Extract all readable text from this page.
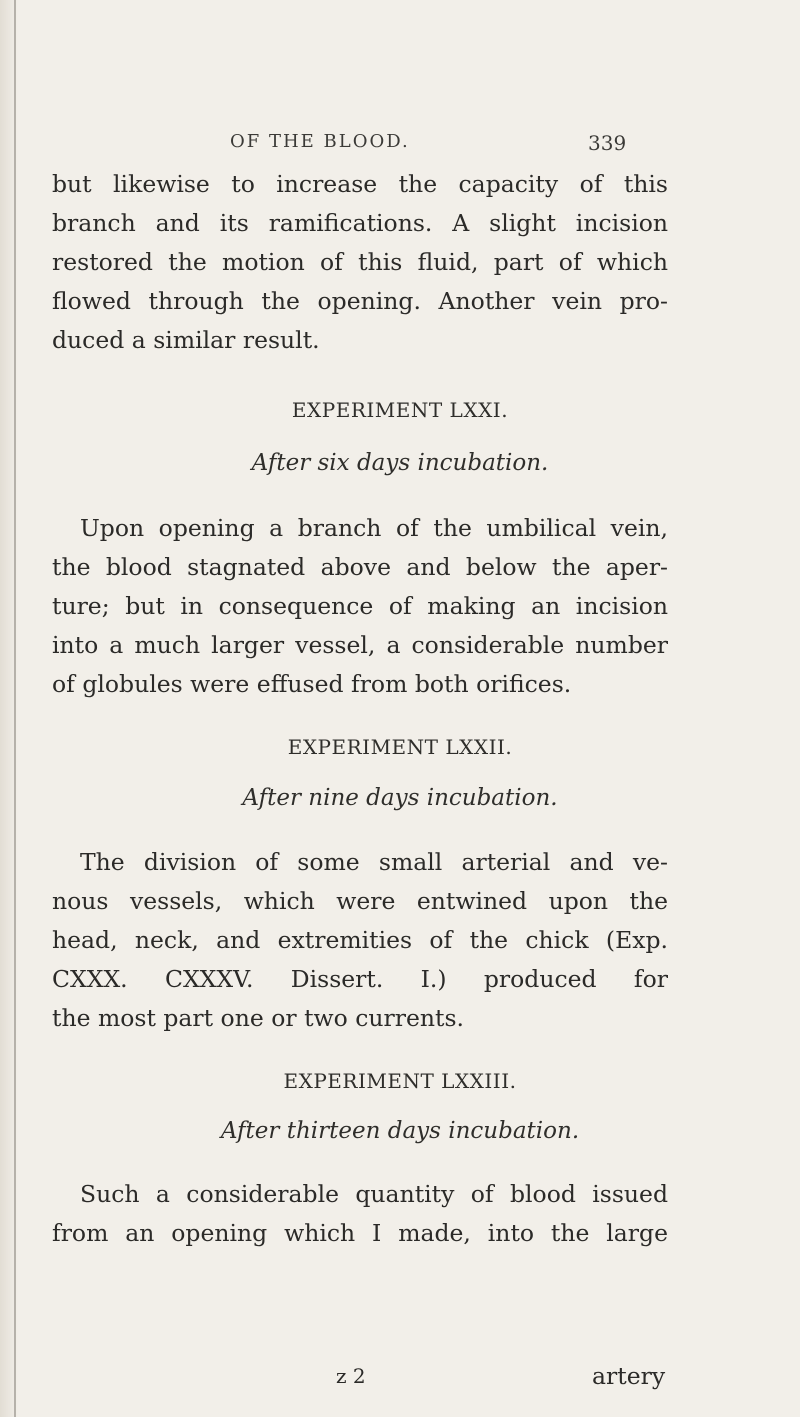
OF THE BLOOD.	339

but likewise to increase the capacity of this
branch and its ramifications. A slight incision
restored the motion of this fluid, part of which
flowed through the opening. Another vein pro-
duced a similar result.

EXPERIMENT LXXI.
After six days incubation.

Upon opening a branch of the umbilical vein,
the blood stagnated above and below the aper-
ture; but in consequence of making an incision
into a much larger vessel, a considerable number
of globules were effused from both orifices.

EXPERIMENT LXXII.
After nine days incubation.

The division of some small arterial and ve-
nous vessels, which were entwined upon the
head, neck, and extremities of the chick (Exp.
CXXX. CXXXV. Dissert. I.) produced for
the most part one or two currents.

EXPERIMENT LXXIII.
After thirteen days incubation.

Such a considerable quantity of blood issued
from an opening which I made, into the large

z 2	artery
